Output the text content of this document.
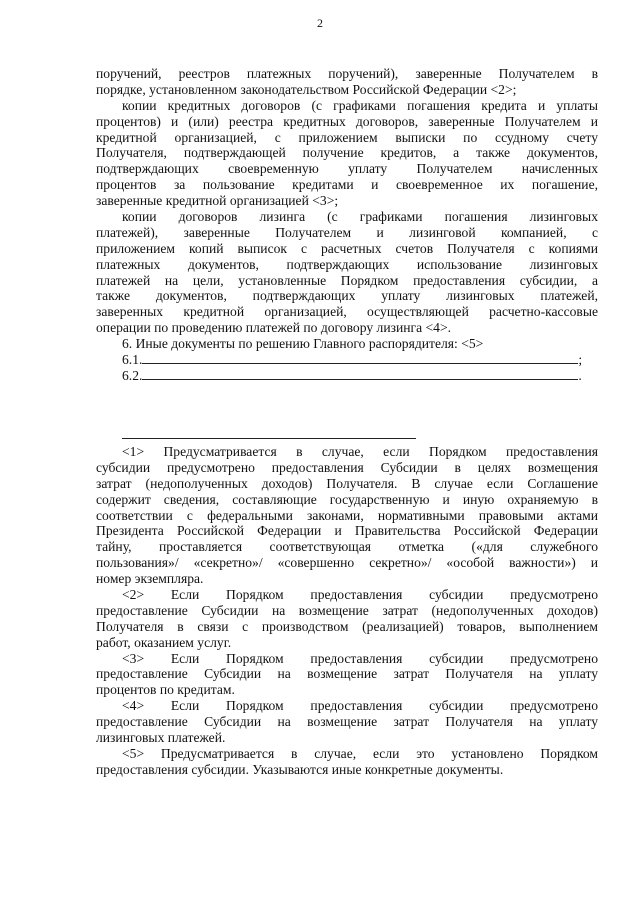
2
поручений, реестров платежных поручений), заверенные Получателем в
порядке, установленном законодательством Российской Федерации <2>;
копии кредитных договоров (с графиками погашения кредита и уплаты
процентов) и (или) реестра кредитных договоров, заверенные Получателем и
кредитной организацией, с приложением выписки по ссудному счету
Получателя, подтверждающей получение кредитов, а также документов,
подтверждающих своевременную уплату Получателем начисленных
процентов за пользование кредитами и своевременное их погашение,
заверенные кредитной организацией <3>;
копии договоров лизинга (с графиками погашения лизинговых
платежей), заверенные Получателем и лизинговой компанией, с
приложением копий выписок с расчетных счетов Получателя с копиями
платежных документов, подтверждающих использование лизинговых
платежей на цели, установленные Порядком предоставления субсидии, а
также документов, подтверждающих уплату лизинговых платежей,
заверенных кредитной организацией, осуществляющей расчетно-кассовые
операции по проведению платежей по договору лизинга <4>.
6. Иные документы по решению Главного распорядителя: <5>
6.1.	;
6.2.	.
<1> Предусматривается в случае, если Порядком предоставления
субсидии предусмотрено предоставления Субсидии в целях возмещения
затрат (недополученных доходов) Получателя. В случае если Соглашение
содержит сведения, составляющие государственную и иную охраняемую в
соответствии с федеральными законами, нормативными правовыми актами
Президента Российской Федерации и Правительства Российской Федерации
тайну, проставляется соответствующая отметка («для служебного
пользования»/ «секретно»/ «совершенно секретно»/ «особой важности») и
номер экземпляра.
<2> Если Порядком предоставления субсидии предусмотрено
предоставление Субсидии на возмещение затрат (недополученных доходов)
Получателя в связи с производством (реализацией) товаров, выполнением
работ, оказанием услуг.
<3> Если Порядком предоставления субсидии предусмотрено
предоставление Субсидии на возмещение затрат Получателя на уплату
процентов по кредитам.
<4> Если Порядком предоставления субсидии предусмотрено
предоставление Субсидии на возмещение затрат Получателя на уплату
лизинговых платежей.
<5> Предусматривается в случае, если это установлено Порядком
предоставления субсидии. Указываются иные конкретные документы.
